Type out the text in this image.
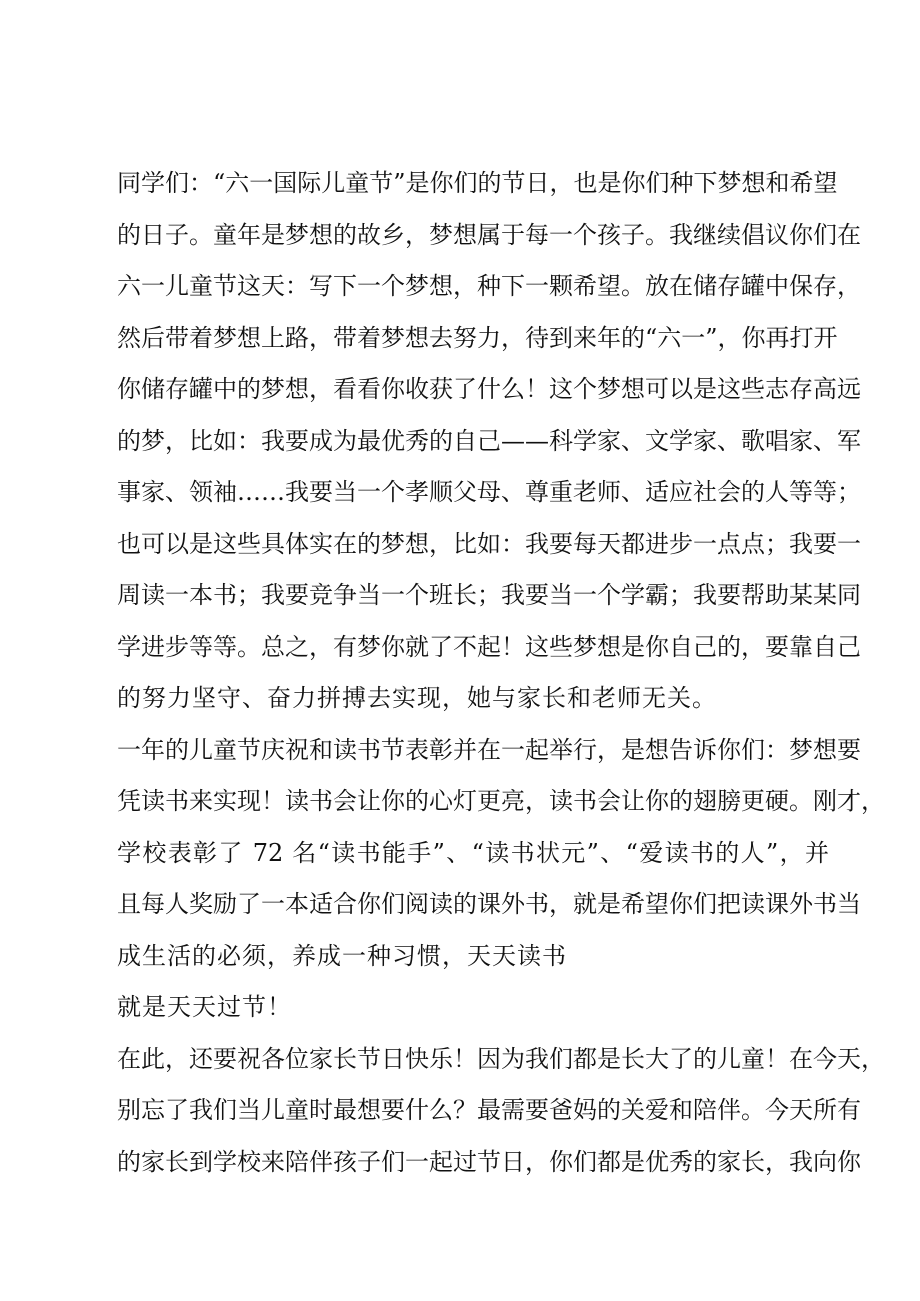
同学们：“六一国际儿童节”是你们的节日，也是你们种下梦想和希望
的日子。童年是梦想的故乡，梦想属于每一个孩子。我继续倡议你们在
六一儿童节这天：写下一个梦想，种下一颗希望。放在储存罐中保存，
然后带着梦想上路，带着梦想去努力，待到来年的“六一”，你再打开
你储存罐中的梦想，看看你收获了什么！这个梦想可以是这些志存高远
的梦，比如：我要成为最优秀的自己——科学家、文学家、歌唱家、军
事家、领袖……我要当一个孝顺父母、尊重老师、适应社会的人等等；
也可以是这些具体实在的梦想，比如：我要每天都进步一点点；我要一
周读一本书；我要竞争当一个班长；我要当一个学霸；我要帮助某某同
学进步等等。总之，有梦你就了不起！这些梦想是你自己的，要靠自己
的努力坚守、奋力拼搏去实现，她与家长和老师无关。
一年的儿童节庆祝和读书节表彰并在一起举行，是想告诉你们：梦想要
凭读书来实现！读书会让你的心灯更亮，读书会让你的翅膀更硬。刚才，
学校表彰了 72 名“读书能手”、“读书状元”、“爱读书的人”，并
且每人奖励了一本适合你们阅读的课外书，就是希望你们把读课外书当
成生活的必须，养成一种习惯，天天读书
就是天天过节！
在此，还要祝各位家长节日快乐！因为我们都是长大了的儿童！在今天，
别忘了我们当儿童时最想要什么？最需要爸妈的关爱和陪伴。今天所有
的家长到学校来陪伴孩子们一起过节日，你们都是优秀的家长，我向你
